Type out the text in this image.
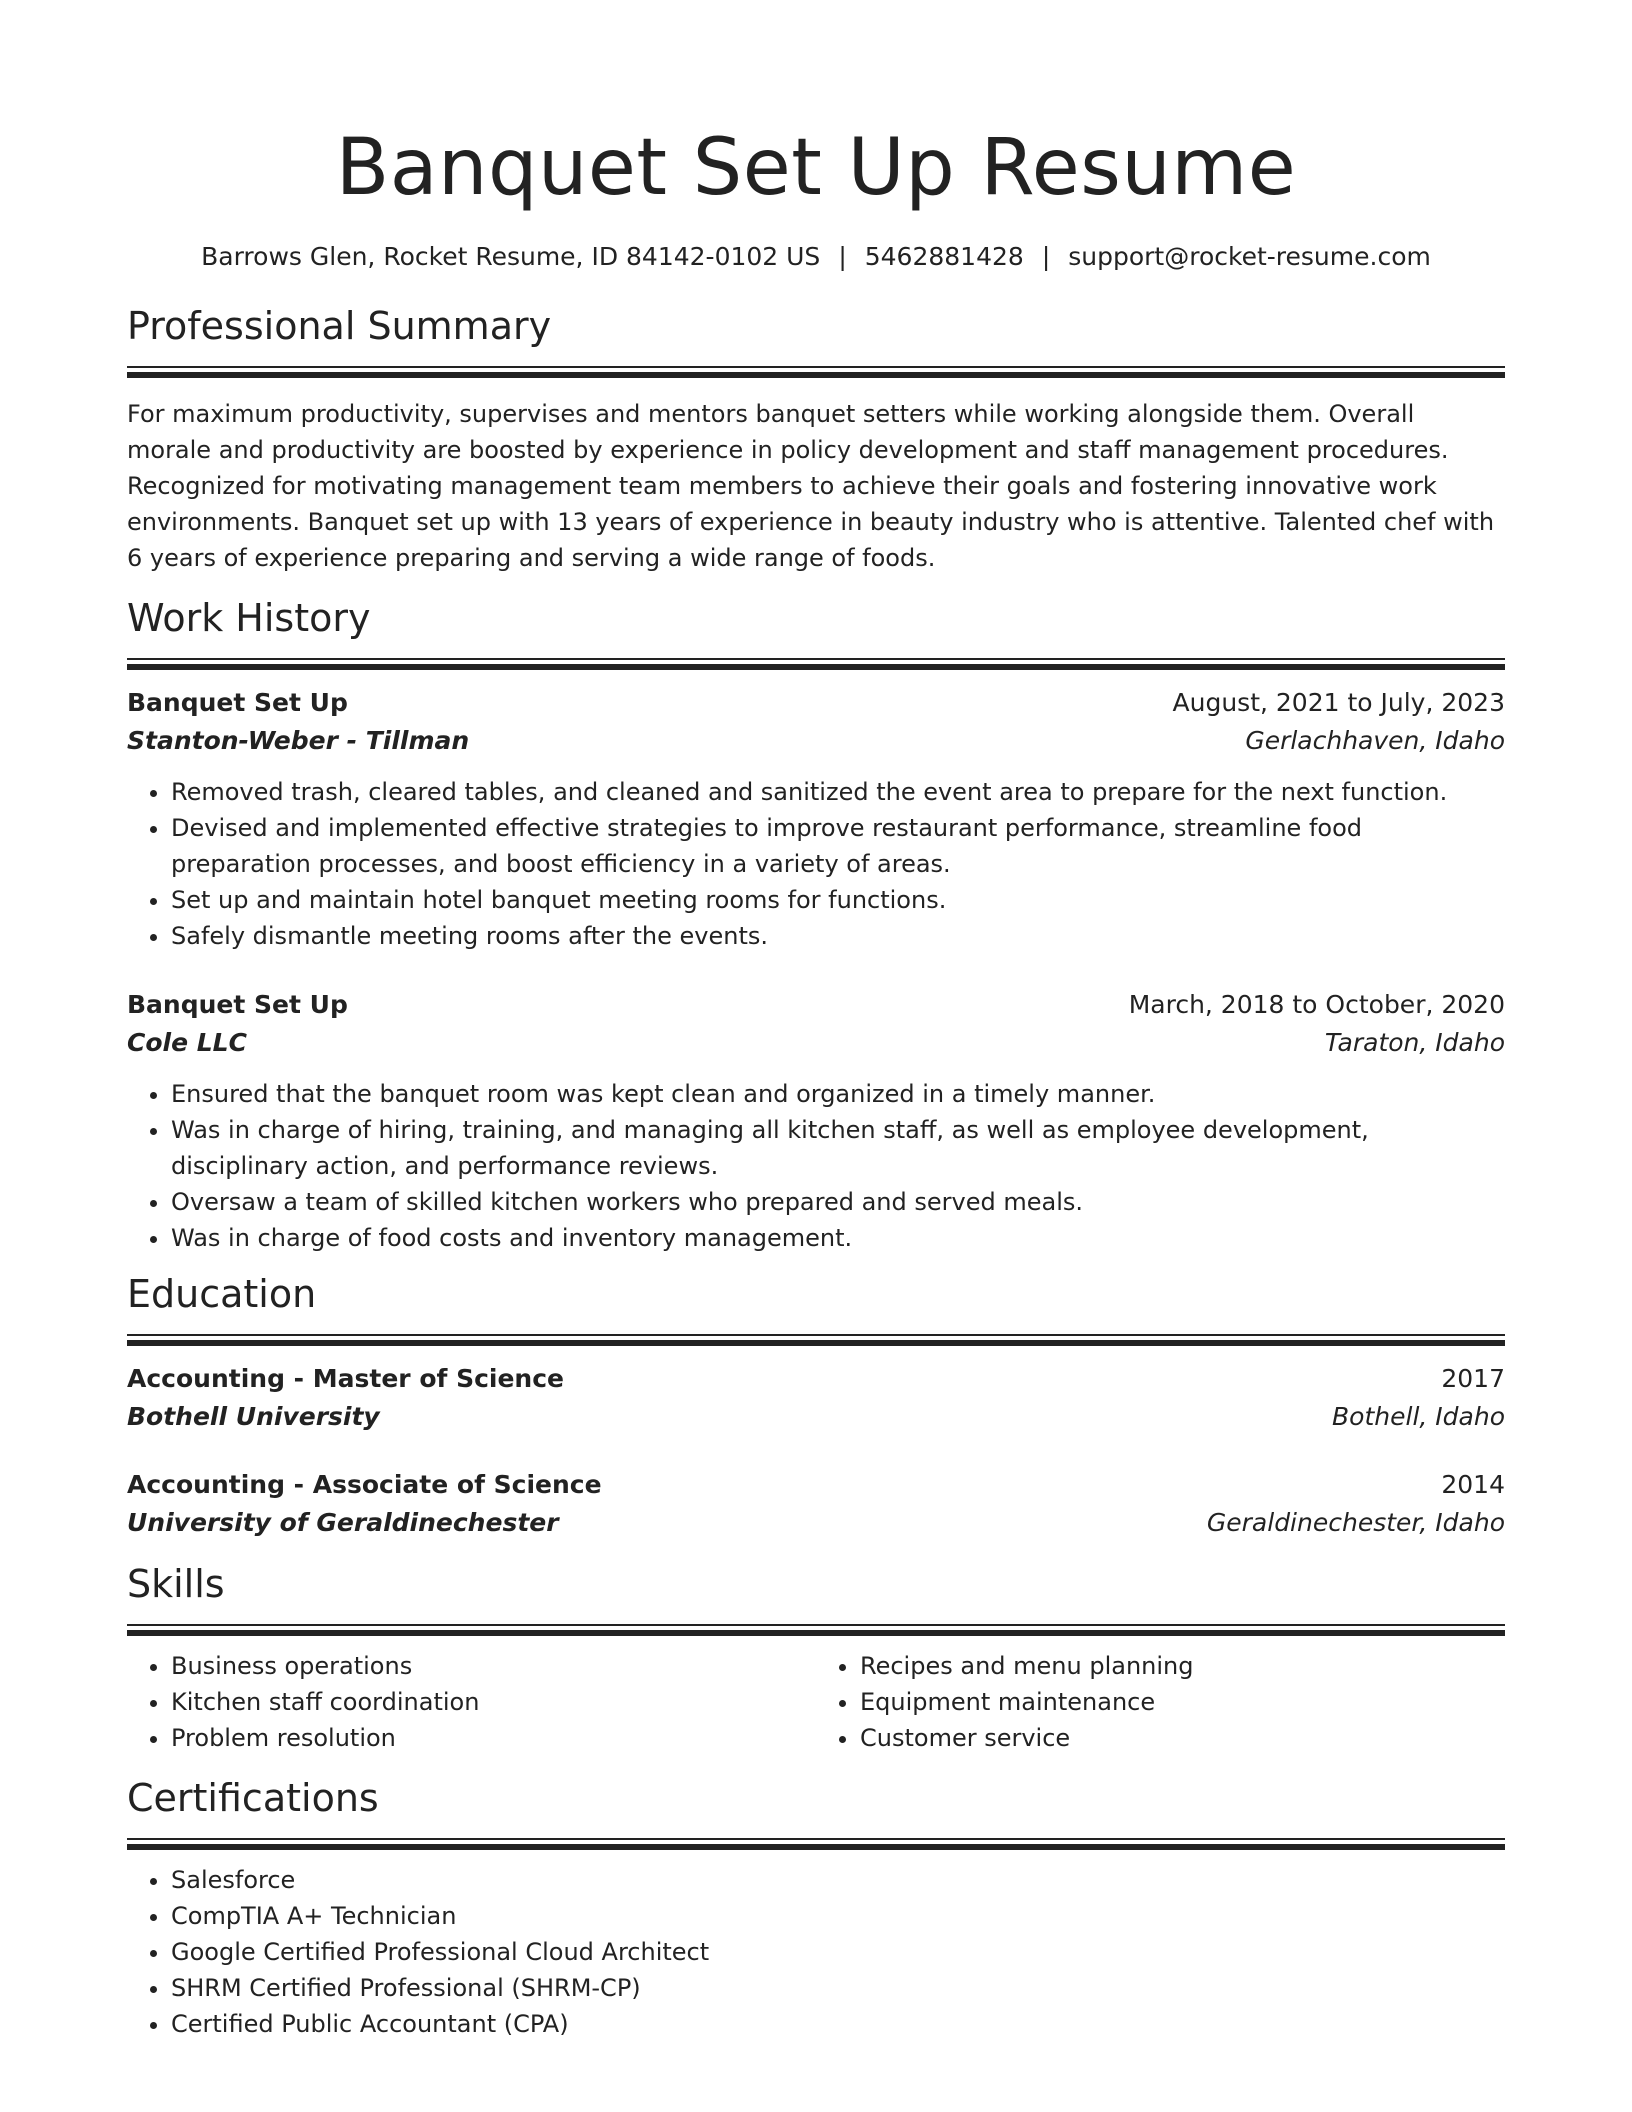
Banquet Set Up Resume
Barrows Glen, Rocket Resume, ID 84142-0102 US | 5462881428 | support@rocket-resume.com
Professional Summary

For maximum productivity, supervises and mentors banquet setters while working alongside them. Overall morale and productivity are boosted by experience in policy development and staff management procedures. Recognized for motivating management team members to achieve their goals and fostering innovative work environments. Banquet set up with 13 years of experience in beauty industry who is attentive. Talented chef with 6 years of experience preparing and serving a wide range of foods.

Work History
Banquet Set Up	August, 2021 to July, 2023
Stanton-Weber - Tillman	Gerlachhaven, Idaho
• Removed trash, cleared tables, and cleaned and sanitized the event area to prepare for the next function.
• Devised and implemented effective strategies to improve restaurant performance, streamline food preparation processes, and boost efficiency in a variety of areas.
• Set up and maintain hotel banquet meeting rooms for functions.
• Safely dismantle meeting rooms after the events.
Banquet Set Up	March, 2018 to October, 2020
Cole LLC	Taraton, Idaho
• Ensured that the banquet room was kept clean and organized in a timely manner.
• Was in charge of hiring, training, and managing all kitchen staff, as well as employee development, disciplinary action, and performance reviews.
• Oversaw a team of skilled kitchen workers who prepared and served meals.
• Was in charge of food costs and inventory management.
Education
Accounting - Master of Science	2017
Bothell University	Bothell, Idaho
Accounting - Associate of Science	2014
University of Geraldinechester	Geraldinechester, Idaho
Skills
• Business operations
• Kitchen staff coordination
• Problem resolution
• Recipes and menu planning
• Equipment maintenance
• Customer service
Certifications
• Salesforce
• CompTIA A+ Technician
• Google Certified Professional Cloud Architect
• SHRM Certified Professional (SHRM-CP)
• Certified Public Accountant (CPA)
